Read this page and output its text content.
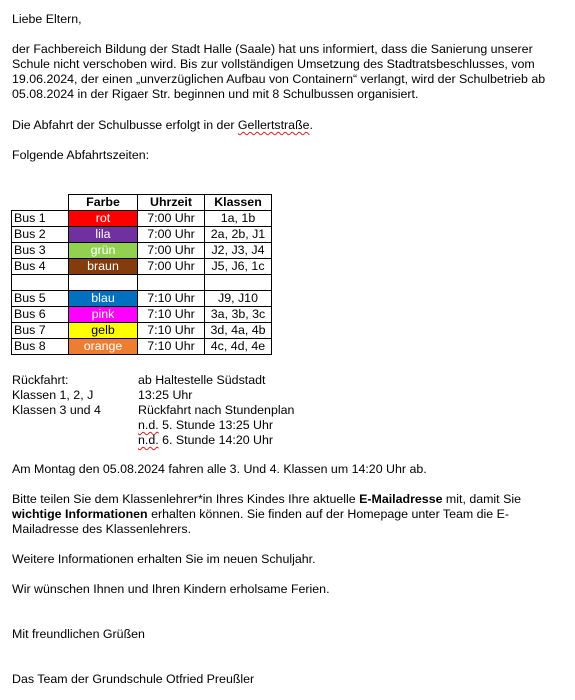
Liebe Eltern,
der Fachbereich Bildung der Stadt Halle (Saale) hat uns informiert, dass die Sanierung unserer Schule nicht verschoben wird. Bis zur vollständigen Umsetzung des Stadtratsbeschlusses, vom 19.06.2024, der einen „unverzüglichen Aufbau von Containern“ verlangt, wird der Schulbetrieb ab 05.08.2024 in der Rigaer Str. beginnen und mit 8 Schulbussen organisiert.
Die Abfahrt der Schulbusse erfolgt in der Gellertstraße.
Folgende Abfahrtszeiten:
	Farbe	Uhrzeit	Klassen
Bus 1	rot	7:00 Uhr	1a, 1b
Bus 2	lila	7:00 Uhr	2a, 2b, J1
Bus 3	grün	7:00 Uhr	J2, J3, J4
Bus 4	braun	7:00 Uhr	J5, J6, 1c

Bus 5	blau	7:10 Uhr	J9, J10
Bus 6	pink	7:10 Uhr	3a, 3b, 3c
Bus 7	gelb	7:10 Uhr	3d, 4a, 4b
Bus 8	orange	7:10 Uhr	4c, 4d, 4e
Rückfahrt:	ab Haltestelle Südstadt
Klassen 1, 2, J	13:25 Uhr
Klassen 3 und 4	Rückfahrt nach Stundenplan
n.d. 5. Stunde 13:25 Uhr
n.d. 6. Stunde 14:20 Uhr
Am Montag den 05.08.2024 fahren alle 3. Und 4. Klassen um 14:20 Uhr ab.
Bitte teilen Sie dem Klassenlehrer*in Ihres Kindes Ihre aktuelle E-Mailadresse mit, damit Sie wichtige Informationen erhalten können. Sie finden auf der Homepage unter Team die E-Mailadresse des Klassenlehrers.
Weitere Informationen erhalten Sie im neuen Schuljahr.
Wir wünschen Ihnen und Ihren Kindern erholsame Ferien.
Mit freundlichen Grüßen
Das Team der Grundschule Otfried Preußler
